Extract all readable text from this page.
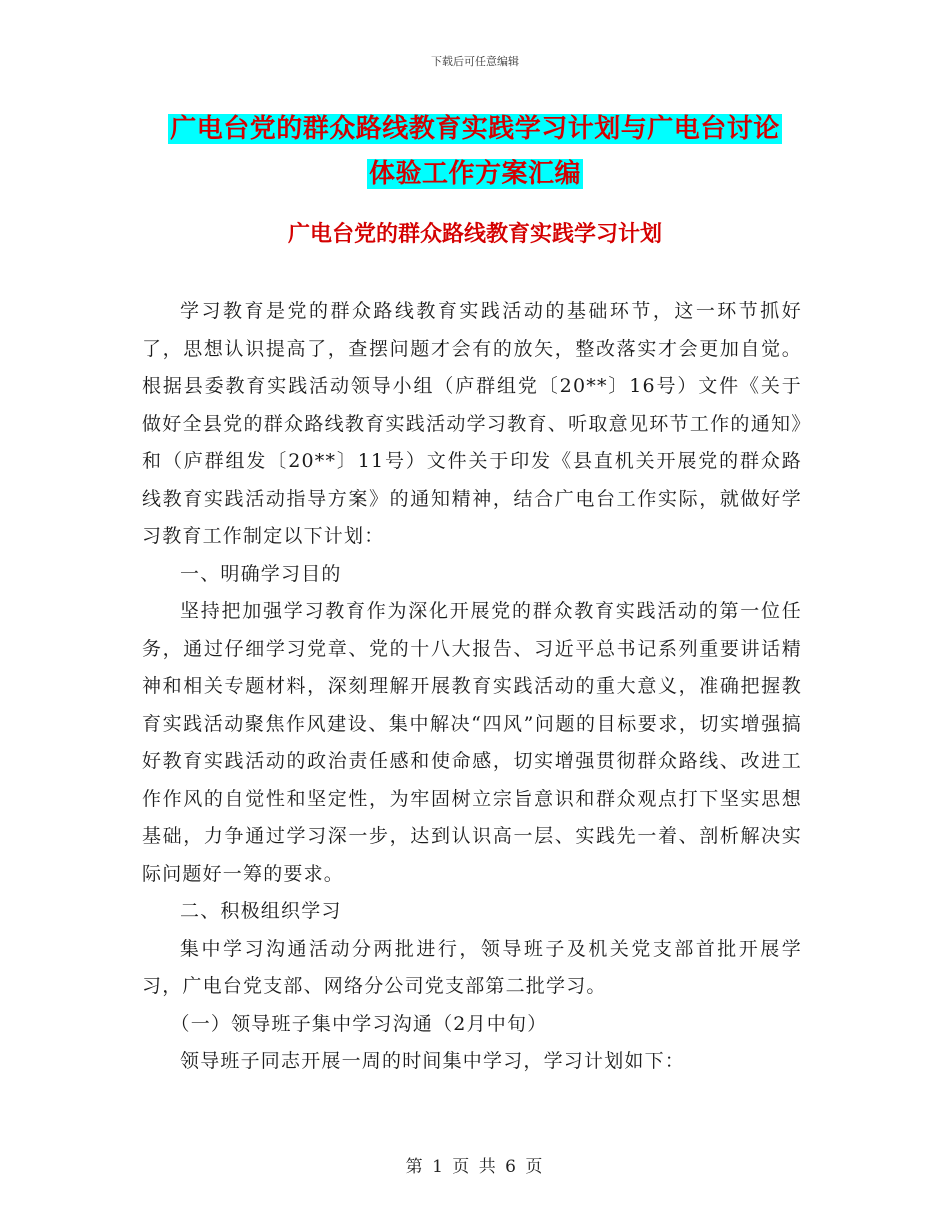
下载后可任意编辑
广电台党的群众路线教育实践学习计划与广电台讨论
体验工作方案汇编
广电台党的群众路线教育实践学习计划

学习教育是党的群众路线教育实践活动的基础环节，这一环节抓好了，思想认识提高了，查摆问题才会有的放矢，整改落实才会更加自觉。根据县委教育实践活动领导小组（庐群组党〔20**〕16号）文件《关于做好全县党的群众路线教育实践活动学习教育、听取意见环节工作的通知》和（庐群组发〔20**〕11号）文件关于印发《县直机关开展党的群众路线教育实践活动指导方案》的通知精神，结合广电台工作实际，就做好学习教育工作制定以下计划：

一、明确学习目的

坚持把加强学习教育作为深化开展党的群众教育实践活动的第一位任务，通过仔细学习党章、党的十八大报告、习近平总书记系列重要讲话精神和相关专题材料，深刻理解开展教育实践活动的重大意义，准确把握教育实践活动聚焦作风建设、集中解决“四风”问题的目标要求，切实增强搞好教育实践活动的政治责任感和使命感，切实增强贯彻群众路线、改进工作作风的自觉性和坚定性，为牢固树立宗旨意识和群众观点打下坚实思想基础，力争通过学习深一步，达到认识高一层、实践先一着、剖析解决实际问题好一筹的要求。

二、积极组织学习

集中学习沟通活动分两批进行，领导班子及机关党支部首批开展学习，广电台党支部、网络分公司党支部第二批学习。

（一）领导班子集中学习沟通（2月中旬）

领导班子同志开展一周的时间集中学习，学习计划如下：

第 1 页 共 6 页
